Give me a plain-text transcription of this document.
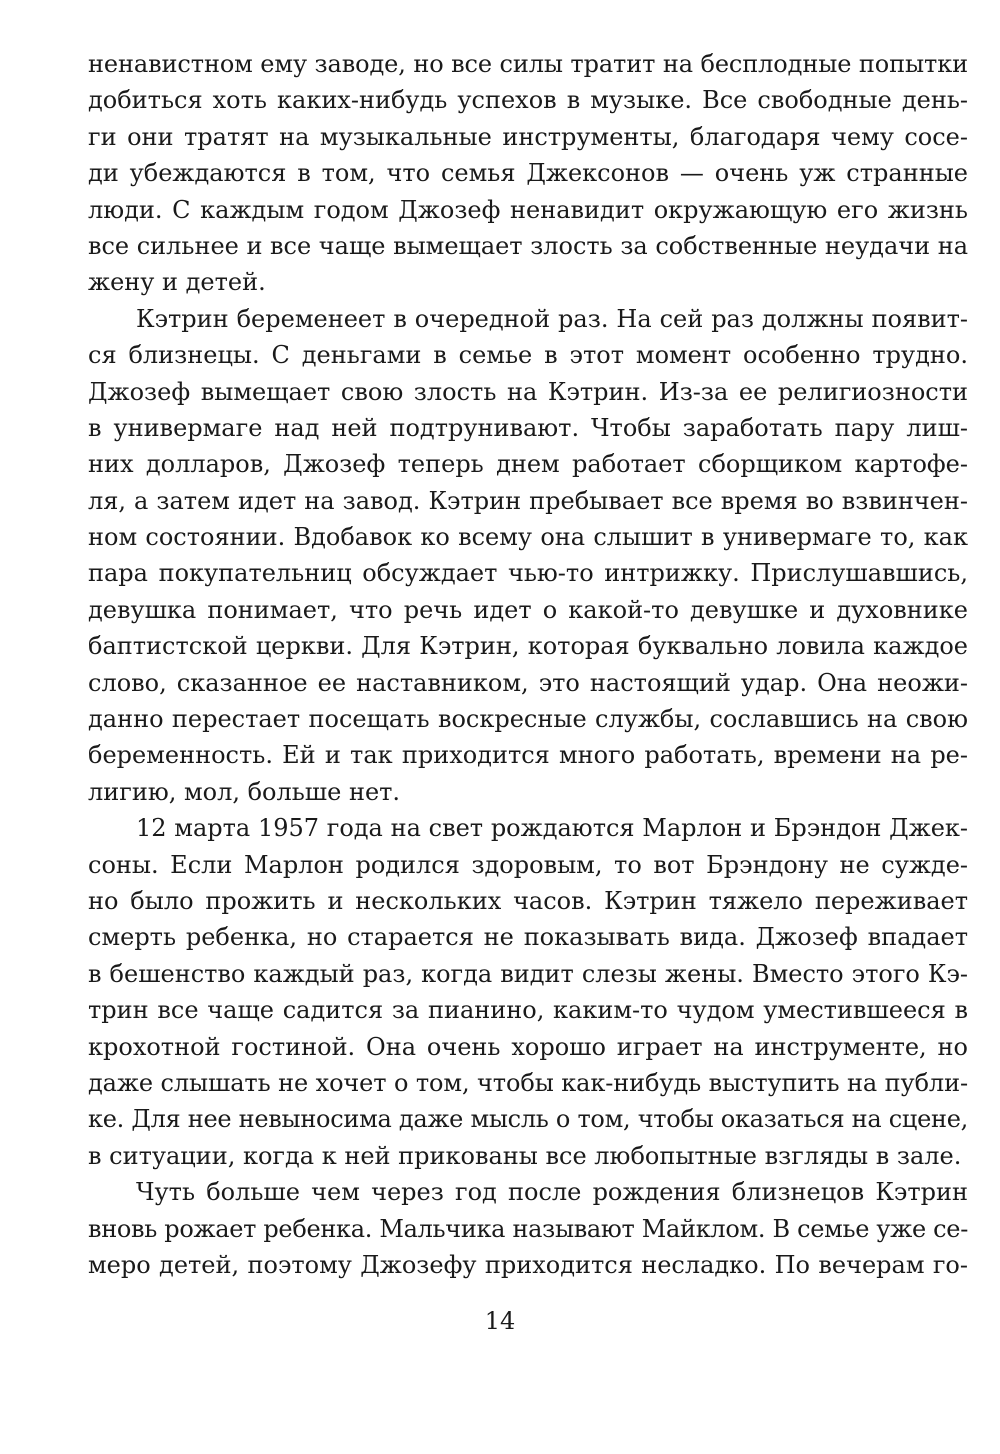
ненавистном ему заводе, но все силы тратит на бесплодные попытки
добиться хоть каких-нибудь успехов в музыке. Все свободные день-
ги они тратят на музыкальные инструменты, благодаря чему сосе-
ди убеждаются в том, что семья Джексонов — очень уж странные
люди. С каждым годом Джозеф ненавидит окружающую его жизнь
все сильнее и все чаще вымещает злость за собственные неудачи на
жену и детей.
Кэтрин беременеет в очередной раз. На сей раз должны появит-
ся близнецы. С деньгами в семье в этот момент особенно трудно.
Джозеф вымещает свою злость на Кэтрин. Из-за ее религиозности
в универмаге над ней подтрунивают. Чтобы заработать пару лиш-
них долларов, Джозеф теперь днем работает сборщиком картофе-
ля, а затем идет на завод. Кэтрин пребывает все время во взвинчен-
ном состоянии. Вдобавок ко всему она слышит в универмаге то, как
пара покупательниц обсуждает чью-то интрижку. Прислушавшись,
девушка понимает, что речь идет о какой-то девушке и духовнике
баптистской церкви. Для Кэтрин, которая буквально ловила каждое
слово, сказанное ее наставником, это настоящий удар. Она неожи-
данно перестает посещать воскресные службы, сославшись на свою
беременность. Ей и так приходится много работать, времени на ре-
лигию, мол, больше нет.
12 марта 1957 года на свет рождаются Марлон и Брэндон Джек-
соны. Если Марлон родился здоровым, то вот Брэндону не сужде-
но было прожить и нескольких часов. Кэтрин тяжело переживает
смерть ребенка, но старается не показывать вида. Джозеф впадает
в бешенство каждый раз, когда видит слезы жены. Вместо этого Кэ-
трин все чаще садится за пианино, каким-то чудом уместившееся в
крохотной гостиной. Она очень хорошо играет на инструменте, но
даже слышать не хочет о том, чтобы как-нибудь выступить на публи-
ке. Для нее невыносима даже мысль о том, чтобы оказаться на сцене,
в ситуации, когда к ней прикованы все любопытные взгляды в зале.
Чуть больше чем через год после рождения близнецов Кэтрин
вновь рожает ребенка. Мальчика называют Майклом. В семье уже се-
меро детей, поэтому Джозефу приходится несладко. По вечерам го-
14
